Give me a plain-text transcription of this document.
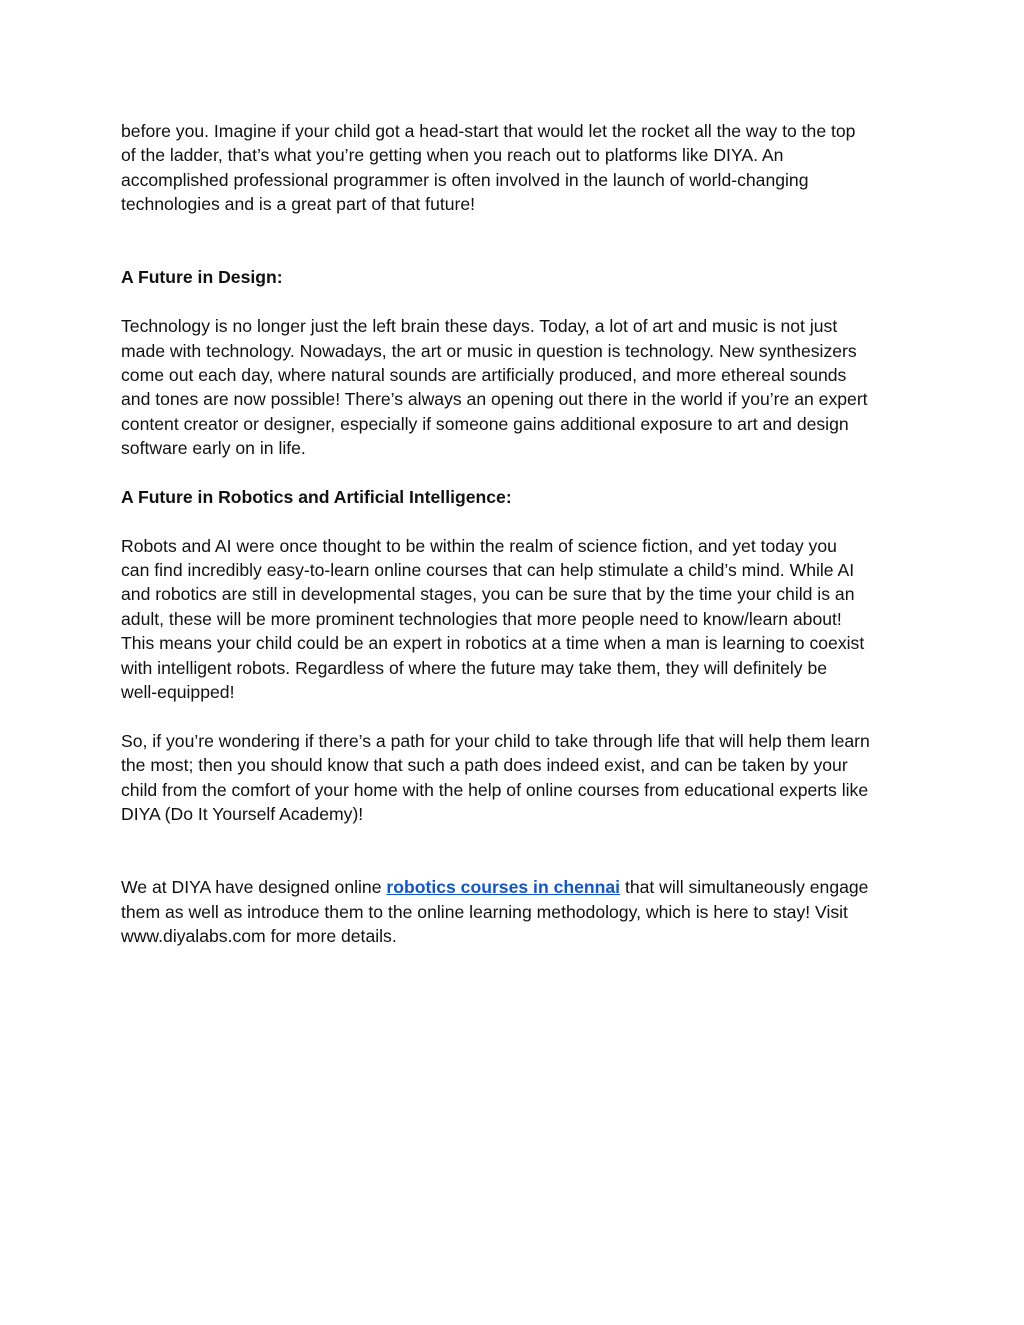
before you. Imagine if your child got a head-start that would let the rocket all the way to the top
of the ladder, that’s what you’re getting when you reach out to platforms like DIYA. An
accomplished professional programmer is often involved in the launch of world-changing
technologies and is a great part of that future!
A Future in Design:
Technology is no longer just the left brain these days. Today, a lot of art and music is not just
made with technology. Nowadays, the art or music in question is technology. New synthesizers
come out each day, where natural sounds are artificially produced, and more ethereal sounds
and tones are now possible! There’s always an opening out there in the world if you’re an expert
content creator or designer, especially if someone gains additional exposure to art and design
software early on in life.
A Future in Robotics and Artificial Intelligence:
Robots and AI were once thought to be within the realm of science fiction, and yet today you
can find incredibly easy-to-learn online courses that can help stimulate a child’s mind. While AI
and robotics are still in developmental stages, you can be sure that by the time your child is an
adult, these will be more prominent technologies that more people need to know/learn about!
This means your child could be an expert in robotics at a time when a man is learning to coexist
with intelligent robots. Regardless of where the future may take them, they will definitely be
well-equipped!
So, if you’re wondering if there’s a path for your child to take through life that will help them learn
the most; then you should know that such a path does indeed exist, and can be taken by your
child from the comfort of your home with the help of online courses from educational experts like
DIYA (Do It Yourself Academy)!
We at DIYA have designed online robotics courses in chennai that will simultaneously engage
them as well as introduce them to the online learning methodology, which is here to stay! Visit
www.diyalabs.com for more details.
